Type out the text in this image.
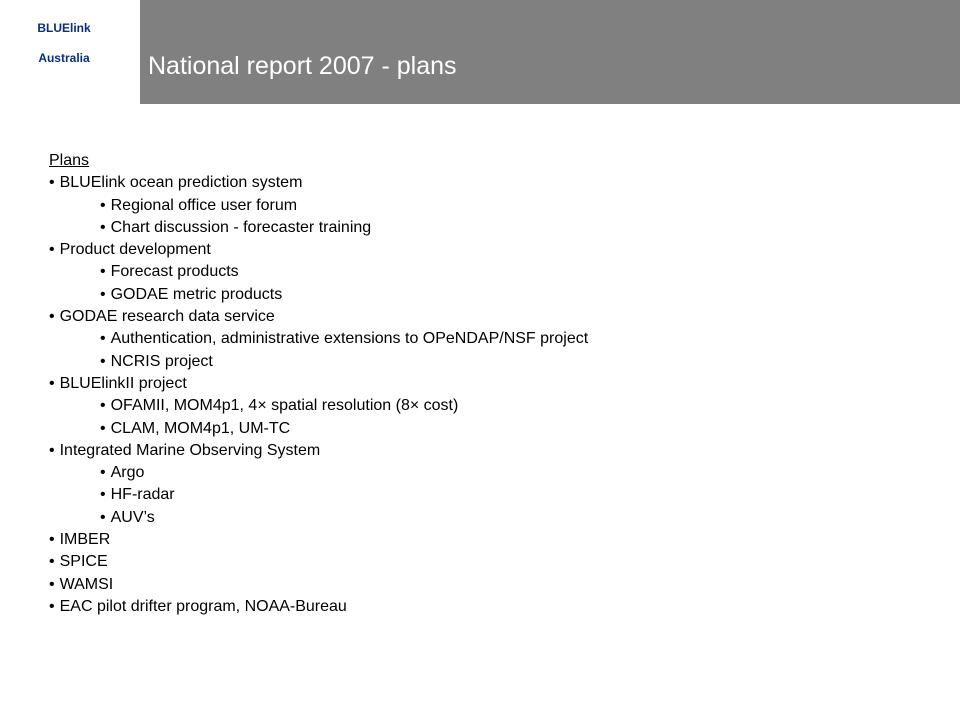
BLUElink
Australia	National report 2007 - plans
Plans
• BLUElink ocean prediction system
• Regional office user forum
• Chart discussion - forecaster training
• Product development
• Forecast products
• GODAE metric products
• GODAE research data service
• Authentication, administrative extensions to OPeNDAP/NSF project
• NCRIS project
• BLUElinkII project
• OFAMII, MOM4p1, 4× spatial resolution (8× cost)
• CLAM, MOM4p1, UM-TC
• Integrated Marine Observing System
• Argo
• HF-radar
• AUV’s
• IMBER
• SPICE
• WAMSI
• EAC pilot drifter program, NOAA-Bureau
